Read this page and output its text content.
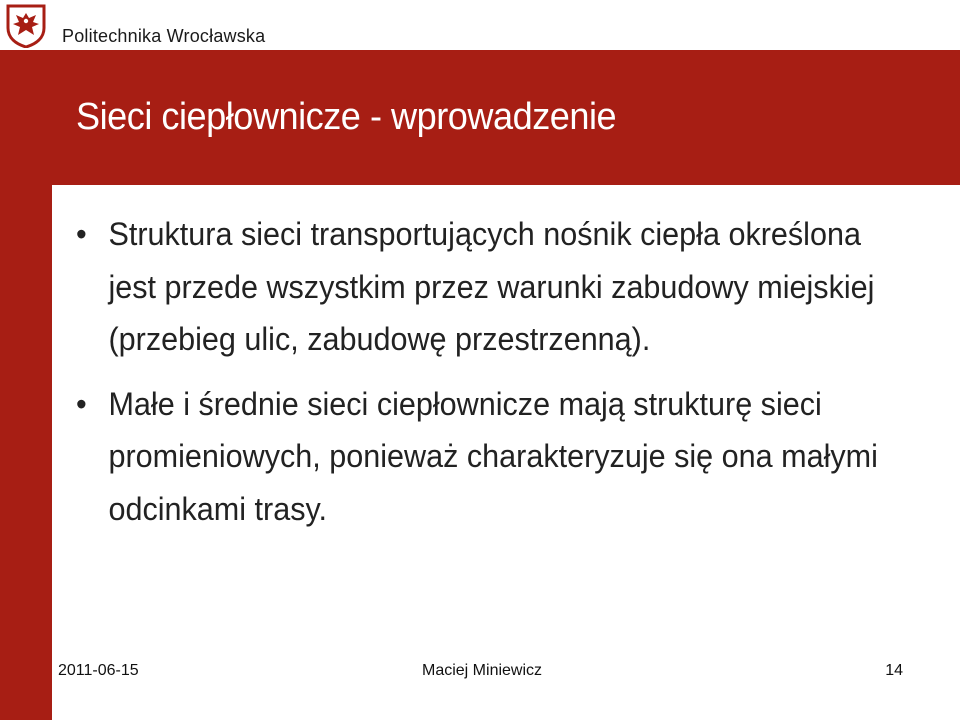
Politechnika Wrocławska
Sieci ciepłownicze - wprowadzenie
• Struktura sieci transportujących nośnik ciepła określona jest przede wszystkim przez warunki zabudowy miejskiej (przebieg ulic, zabudowę przestrzenną).
• Małe i średnie sieci ciepłownicze mają strukturę sieci promieniowych, ponieważ charakteryzuje się ona małymi odcinkami trasy.
2011-06-15	Maciej Miniewicz	14
